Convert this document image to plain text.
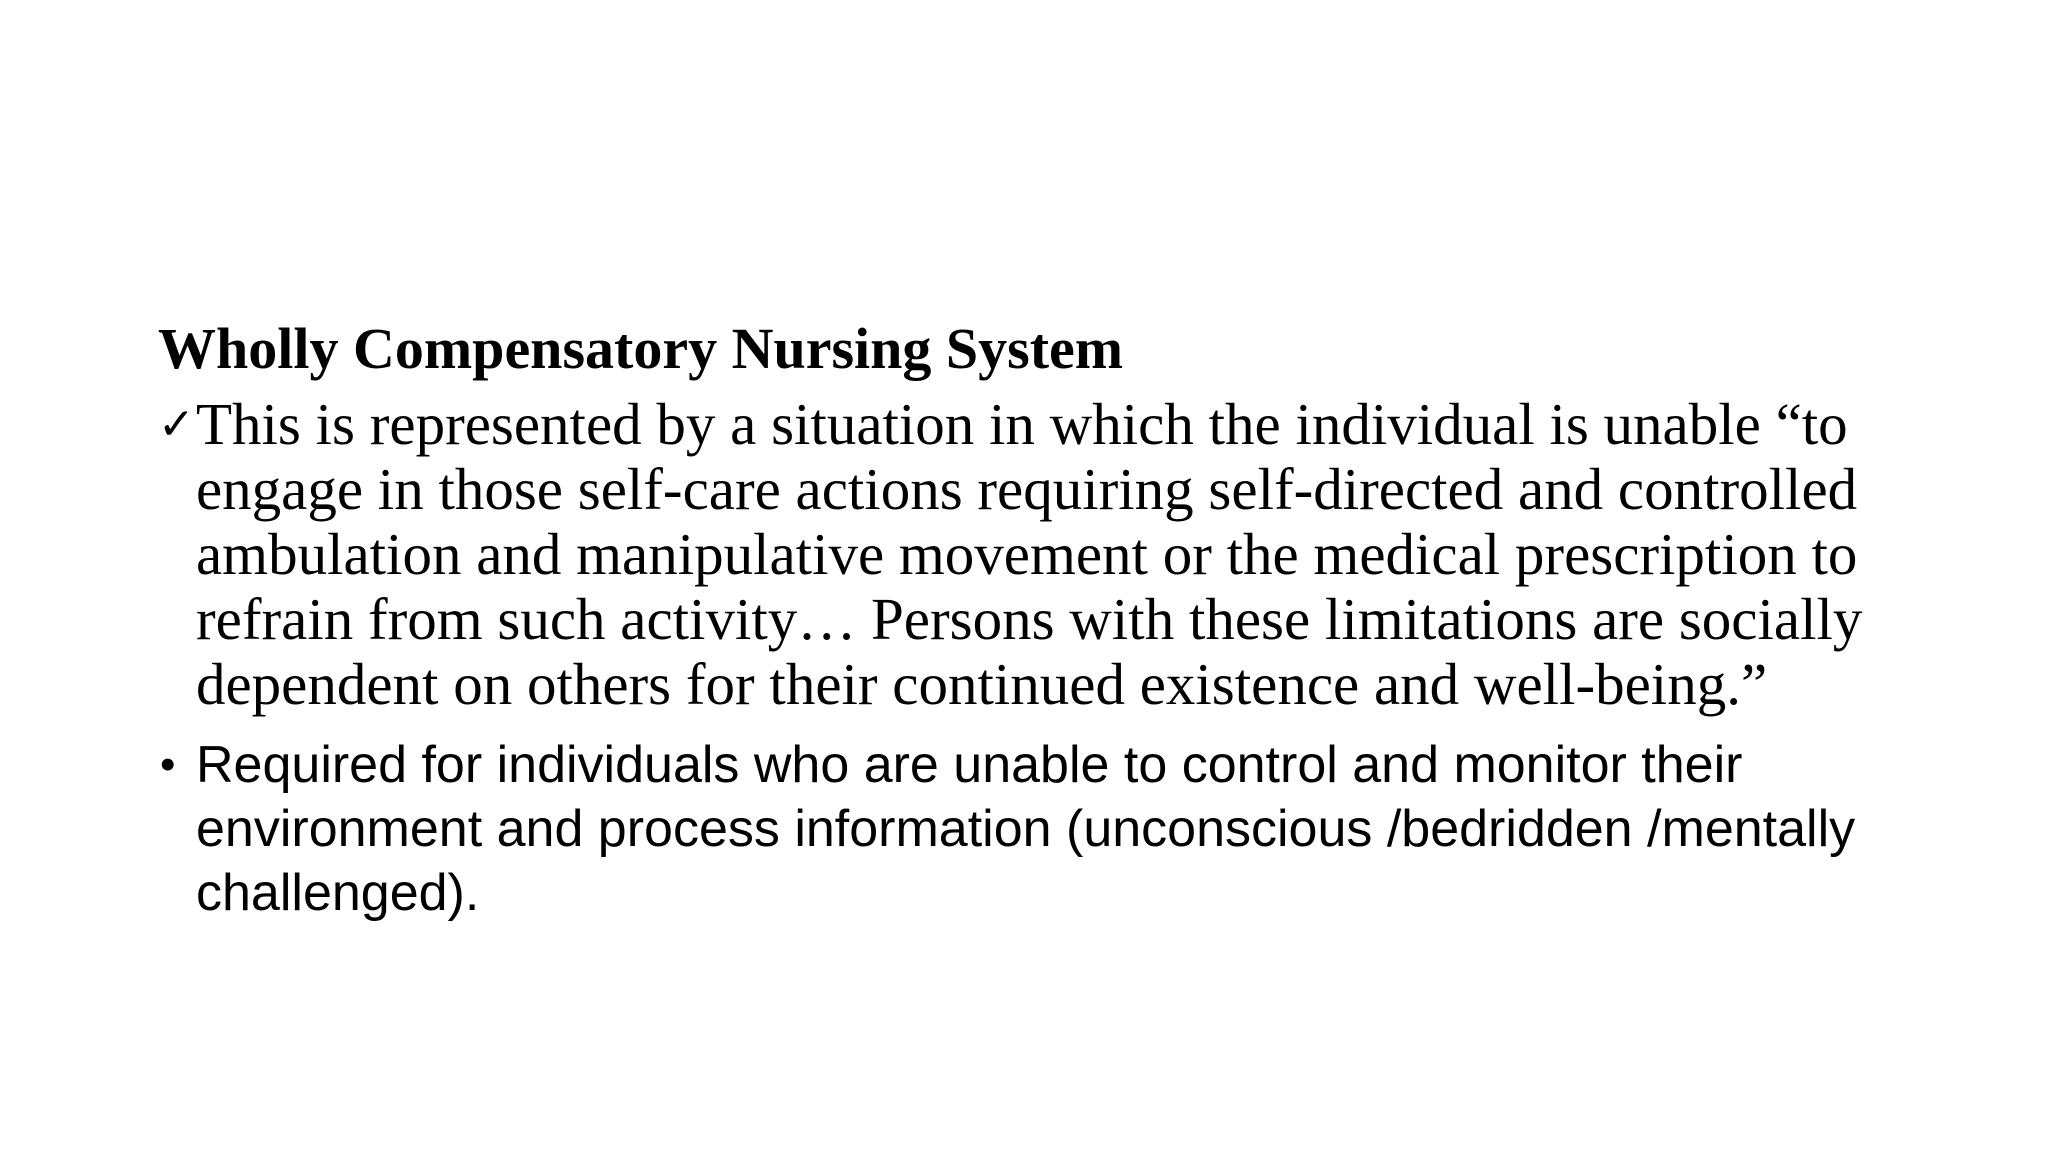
Wholly Compensatory Nursing System
✓ This is represented by a situation in which the individual is unable “to engage in those self-care actions requiring self-directed and controlled ambulation and manipulative movement or the medical prescription to refrain from such activity… Persons with these limitations are socially dependent on others for their continued existence and well-being.”
• Required for individuals who are unable to control and monitor their environment and process information (unconscious /bedridden /mentally challenged).
